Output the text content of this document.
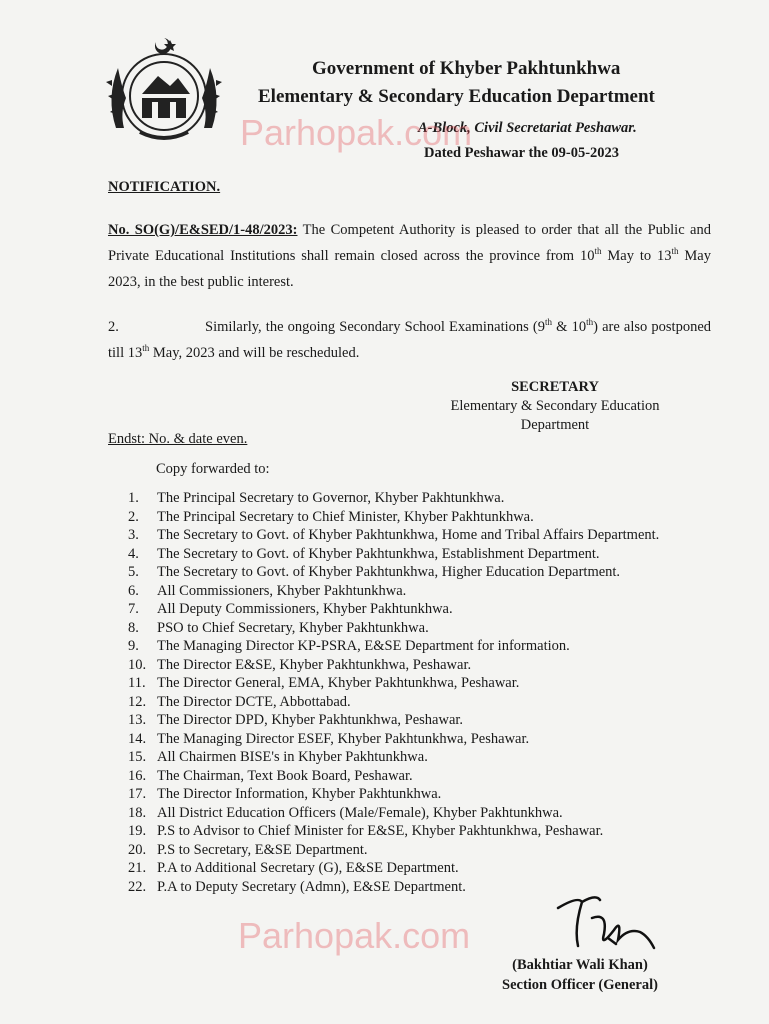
Government of Khyber Pakhtunkhwa
Elementary & Secondary Education Department
A-Block, Civil Secretariat Peshawar.
Dated Peshawar the 09-05-2023
Parhopak.com
NOTIFICATION.
No. SO(G)/E&SED/1-48/2023: The Competent Authority is pleased to order that all the Public and Private Educational Institutions shall remain closed across the province from 10th May to 13th May 2023, in the best public interest.
2.	Similarly, the ongoing Secondary School Examinations (9th & 10th) are also postponed till 13th May, 2023 and will be rescheduled.
SECRETARY
Elementary & Secondary Education
Department
Endst: No. & date even.
Copy forwarded to:
1. The Principal Secretary to Governor, Khyber Pakhtunkhwa.
2. The Principal Secretary to Chief Minister, Khyber Pakhtunkhwa.
3. The Secretary to Govt. of Khyber Pakhtunkhwa, Home and Tribal Affairs Department.
4. The Secretary to Govt. of Khyber Pakhtunkhwa, Establishment Department.
5. The Secretary to Govt. of Khyber Pakhtunkhwa, Higher Education Department.
6. All Commissioners, Khyber Pakhtunkhwa.
7. All Deputy Commissioners, Khyber Pakhtunkhwa.
8. PSO to Chief Secretary, Khyber Pakhtunkhwa.
9. The Managing Director KP-PSRA, E&SE Department for information.
10. The Director E&SE, Khyber Pakhtunkhwa, Peshawar.
11. The Director General, EMA, Khyber Pakhtunkhwa, Peshawar.
12. The Director DCTE, Abbottabad.
13. The Director DPD, Khyber Pakhtunkhwa, Peshawar.
14. The Managing Director ESEF, Khyber Pakhtunkhwa, Peshawar.
15. All Chairmen BISE's in Khyber Pakhtunkhwa.
16. The Chairman, Text Book Board, Peshawar.
17. The Director Information, Khyber Pakhtunkhwa.
18. All District Education Officers (Male/Female), Khyber Pakhtunkhwa.
19. P.S to Advisor to Chief Minister for E&SE, Khyber Pakhtunkhwa, Peshawar.
20. P.S to Secretary, E&SE Department.
21. P.A to Additional Secretary (G), E&SE Department.
22. P.A to Deputy Secretary (Admn), E&SE Department.
Parhopak.com
(Bakhtiar Wali Khan)
Section Officer (General)
